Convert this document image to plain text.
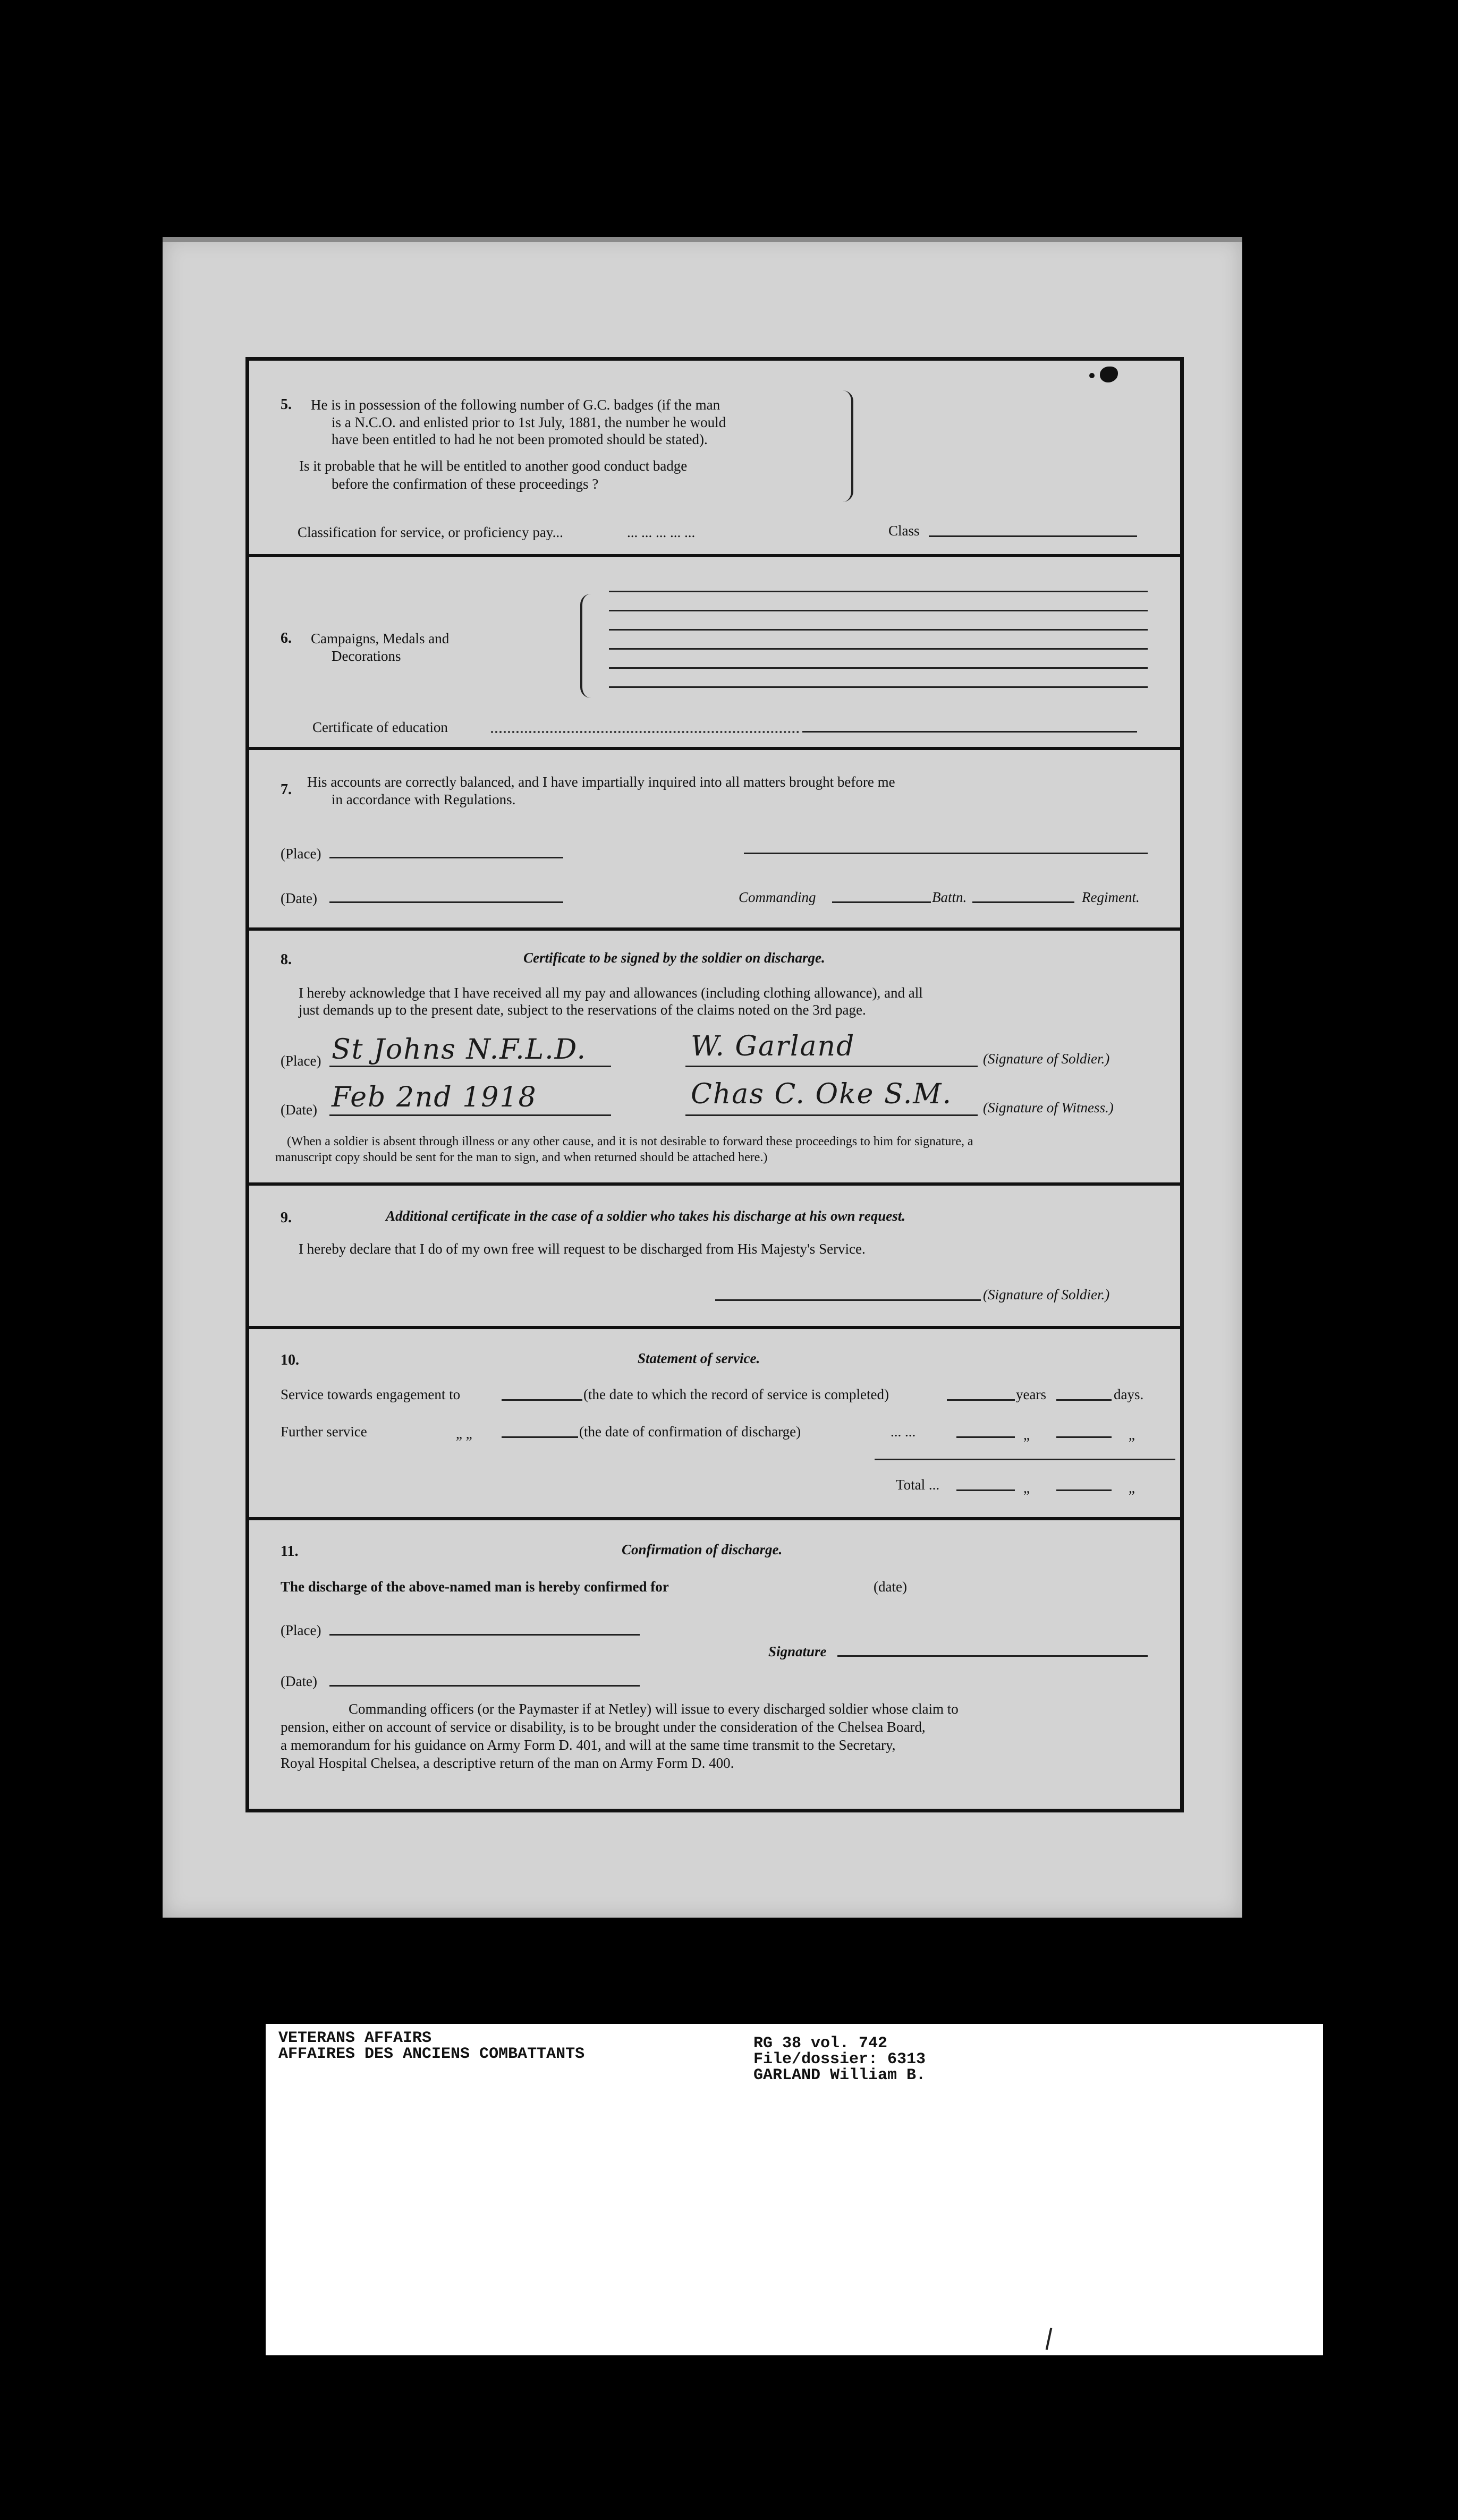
5. He is in possession of the following number of G.C. badges (if the man
is a N.C.O. and enlisted prior to 1st July, 1881, the number he would
have been entitled to had he not been promoted should be stated).
Is it probable that he will be entitled to another good conduct badge
before the confirmation of these proceedings ?
Classification for service, or proficiency pay...	... ... ... ... ...	Class
6. Campaigns, Medals and
Decorations
Certificate of education
7. His accounts are correctly balanced, and I have impartially inquired into all matters brought before me
in accordance with Regulations.
(Place)
(Date)	Commanding	Battn.	Regiment.
8.	Certificate to be signed by the soldier on discharge.
I hereby acknowledge that I have received all my pay and allowances (including clothing allowance), and all
just demands up to the present date, subject to the reservations of the claims noted on the 3rd page.
(Place) St Johns N.F.L.D.	W. Garland	(Signature of Soldier.)
(Date) Feb 2nd 1918	Chas C. Oke S.M. (Signature of Witness.)
(When a soldier is absent through illness or any other cause, and it is not desirable to forward these proceedings to him for signature, a
manuscript copy should be sent for the man to sign, and when returned should be attached here.)
9.	Additional certificate in the case of a soldier who takes his discharge at his own request.
I hereby declare that I do of my own free will request to be discharged from His Majesty's Service.
(Signature of Soldier.)
10.	Statement of service.
Service towards engagement to	(the date to which the record of service is completed)	years	days.
Further service	„ „	(the date of confirmation of discharge)	... ...	„	„
Total ...	„	„
11.	Confirmation of discharge.
The discharge of the above-named man is hereby confirmed for	(date)
(Place)
Signature
(Date)
Commanding officers (or the Paymaster if at Netley) will issue to every discharged soldier whose claim to
pension, either on account of service or disability, is to be brought under the consideration of the Chelsea Board,
a memorandum for his guidance on Army Form D. 401, and will at the same time transmit to the Secretary,
Royal Hospital Chelsea, a descriptive return of the man on Army Form D. 400.
VETERANS AFFAIRS
AFFAIRES DES ANCIENS COMBATTANTS
RG 38 vol. 742
File/dossier: 6313
GARLAND William B.
